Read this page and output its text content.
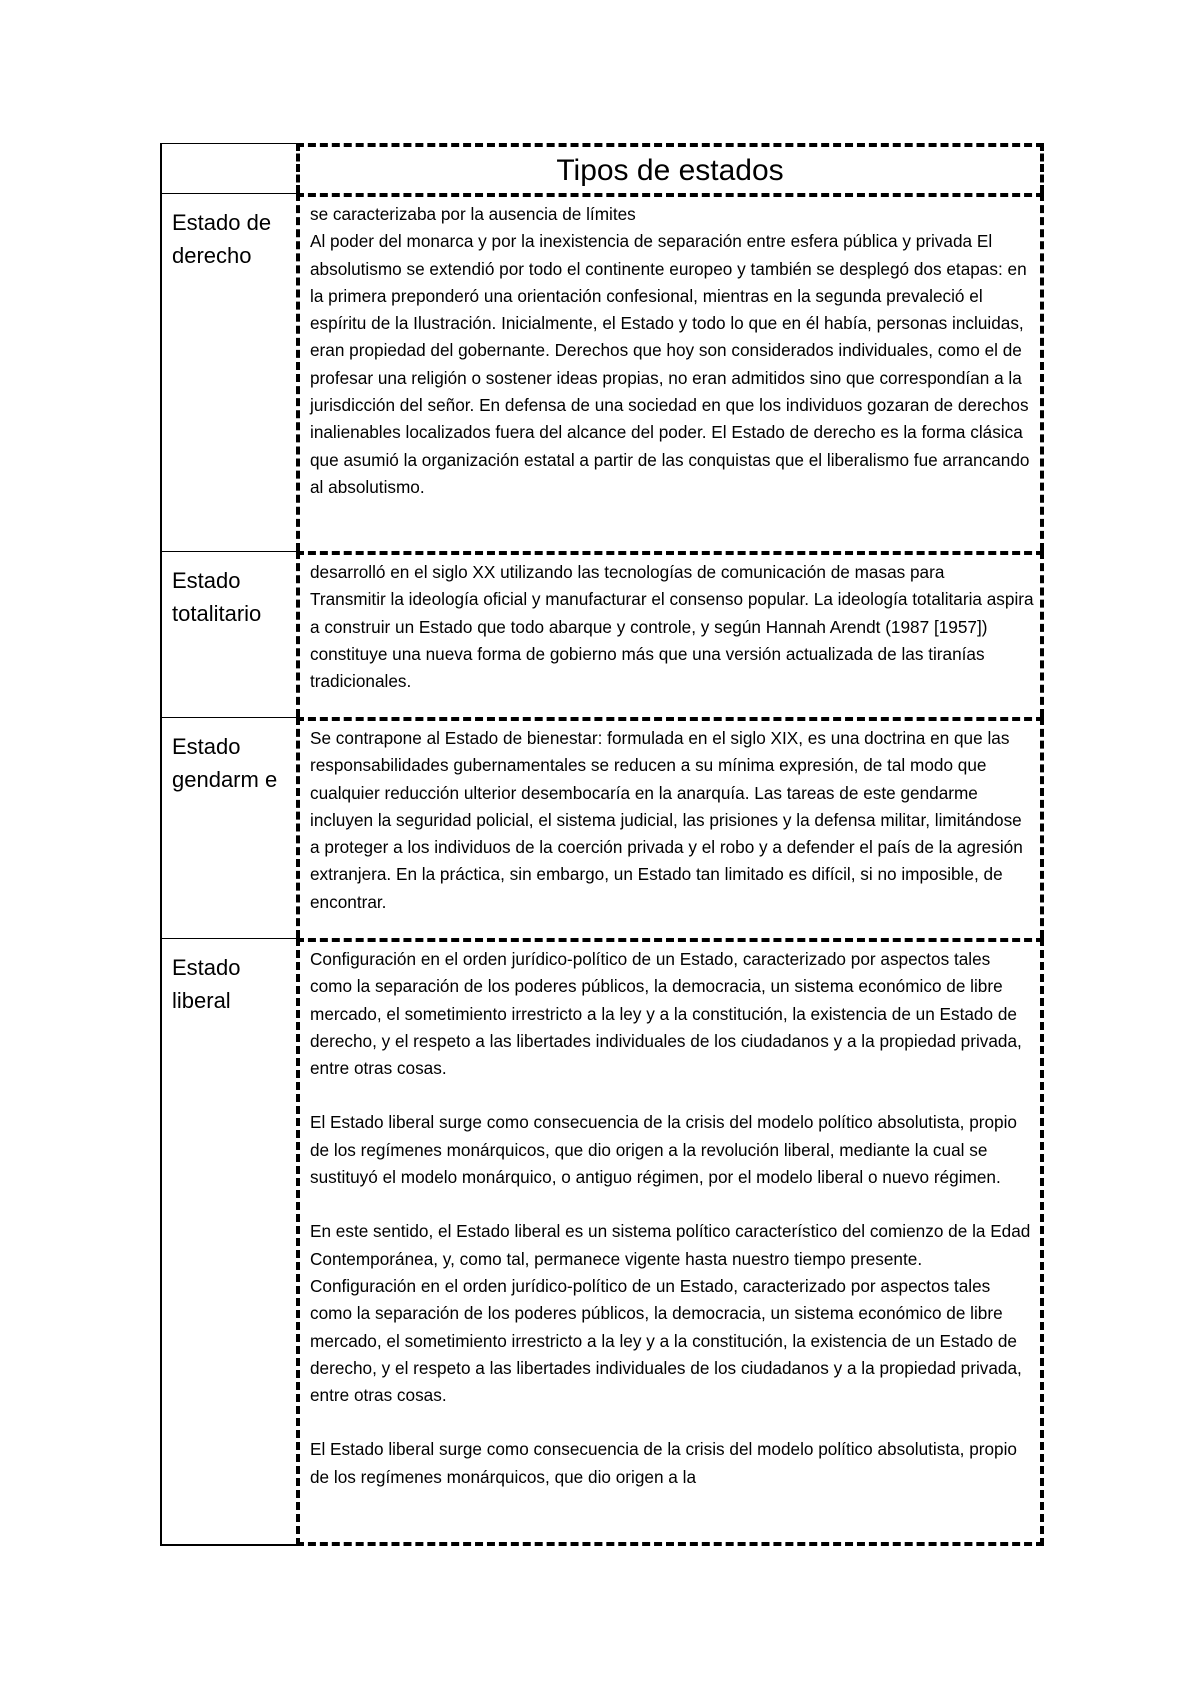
Tipos de estados
Estado de derecho

se caracterizaba por la ausencia de límites

Al poder del monarca y por la inexistencia de separación entre esfera pública y privada El absolutismo se extendió por todo el continente europeo y también se desplegó dos etapas: en la primera preponderó una orientación confesional, mientras en la segunda prevaleció el espíritu de la Ilustración. Inicialmente, el Estado y todo lo que en él había, personas incluidas, eran propiedad del gobernante. Derechos que hoy son considerados individuales, como el de profesar una religión o sostener ideas propias, no eran admitidos sino que correspondían a la jurisdicción del señor. En defensa de una sociedad en que los individuos gozaran de derechos inalienables localizados fuera del alcance del poder. El Estado de derecho es la forma clásica que asumió la organización estatal a partir de las conquistas que el liberalismo fue arrancando al absolutismo.

Estado totalitario

desarrolló en el siglo XX utilizando las tecnologías de comunicación de masas para

Transmitir la ideología oficial y manufacturar el consenso popular. La ideología totalitaria aspira a construir un Estado que todo abarque y controle, y según Hannah Arendt (1987 [1957]) constituye una nueva forma de gobierno más que una versión actualizada de las tiranías tradicionales.

Estado gendarm e

Se contrapone al Estado de bienestar: formulada en el siglo XIX, es una doctrina en que las responsabilidades gubernamentales se reducen a su mínima expresión, de tal modo que cualquier reducción ulterior desembocaría en la anarquía. Las tareas de este gendarme incluyen la seguridad policial, el sistema judicial, las prisiones y la defensa militar, limitándose a proteger a los individuos de la coerción privada y el robo y a defender el país de la agresión extranjera. En la práctica, sin embargo, un Estado tan limitado es difícil, si no imposible, de encontrar.

Estado liberal

Configuración en el orden jurídico-político de un Estado, caracterizado por aspectos tales como la separación de los poderes públicos, la democracia, un sistema económico de libre mercado, el sometimiento irrestricto a la ley y a la constitución, la existencia de un Estado de derecho, y el respeto a las libertades individuales de los ciudadanos y a la propiedad privada, entre otras cosas.

El Estado liberal surge como consecuencia de la crisis del modelo político absolutista, propio de los regímenes monárquicos, que dio origen a la revolución liberal, mediante la cual se sustituyó el modelo monárquico, o antiguo régimen, por el modelo liberal o nuevo régimen.

En este sentido, el Estado liberal es un sistema político característico del comienzo de la Edad Contemporánea, y, como tal, permanece vigente hasta nuestro tiempo presente.

Configuración en el orden jurídico-político de un Estado, caracterizado por aspectos tales como la separación de los poderes públicos, la democracia, un sistema económico de libre mercado, el sometimiento irrestricto a la ley y a la constitución, la existencia de un Estado de derecho, y el respeto a las libertades individuales de los ciudadanos y a la propiedad privada, entre otras cosas.

El Estado liberal surge como consecuencia de la crisis del modelo político absolutista, propio de los regímenes monárquicos, que dio origen a la
